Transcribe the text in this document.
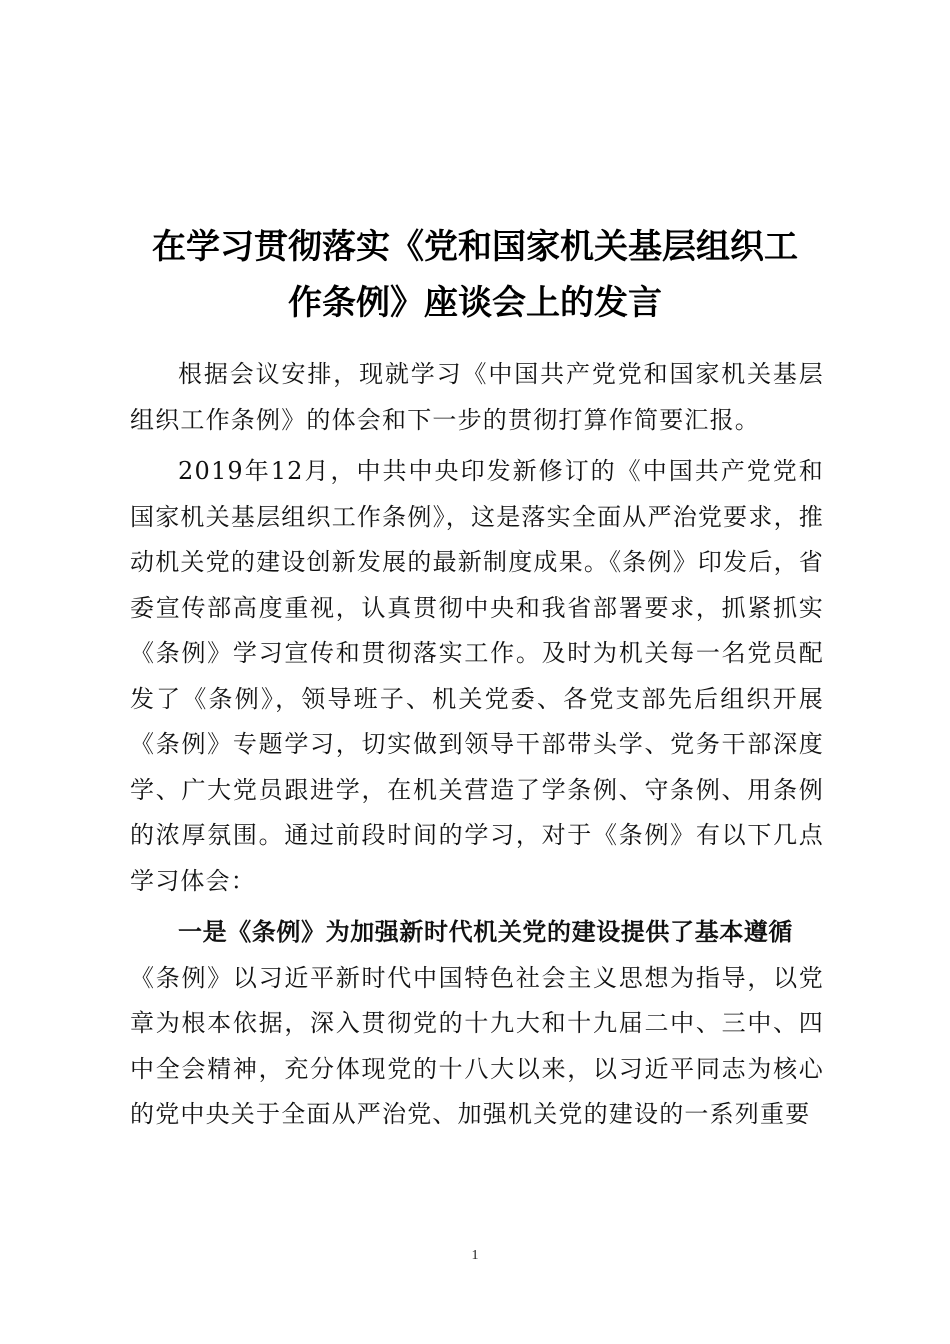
在学习贯彻落实《党和国家机关基层组织工
作条例》座谈会上的发言

根据会议安排，现就学习《中国共产党党和国家机关基层组织工作条例》的体会和下一步的贯彻打算作简要汇报。

2019年12月，中共中央印发新修订的《中国共产党党和国家机关基层组织工作条例》，这是落实全面从严治党要求，推动机关党的建设创新发展的最新制度成果。《条例》印发后，省委宣传部高度重视，认真贯彻中央和我省部署要求，抓紧抓实《条例》学习宣传和贯彻落实工作。及时为机关每一名党员配发了《条例》，领导班子、机关党委、各党支部先后组织开展《条例》专题学习，切实做到领导干部带头学、党务干部深度学、广大党员跟进学，在机关营造了学条例、守条例、用条例的浓厚氛围。通过前段时间的学习，对于《条例》有以下几点学习体会：

一是《条例》为加强新时代机关党的建设提供了基本遵循

《条例》以习近平新时代中国特色社会主义思想为指导，以党章为根本依据，深入贯彻党的十九大和十九届二中、三中、四中全会精神，充分体现党的十八大以来，以习近平同志为核心的党中央关于全面从严治党、加强机关党的建设的一系列重要

1
